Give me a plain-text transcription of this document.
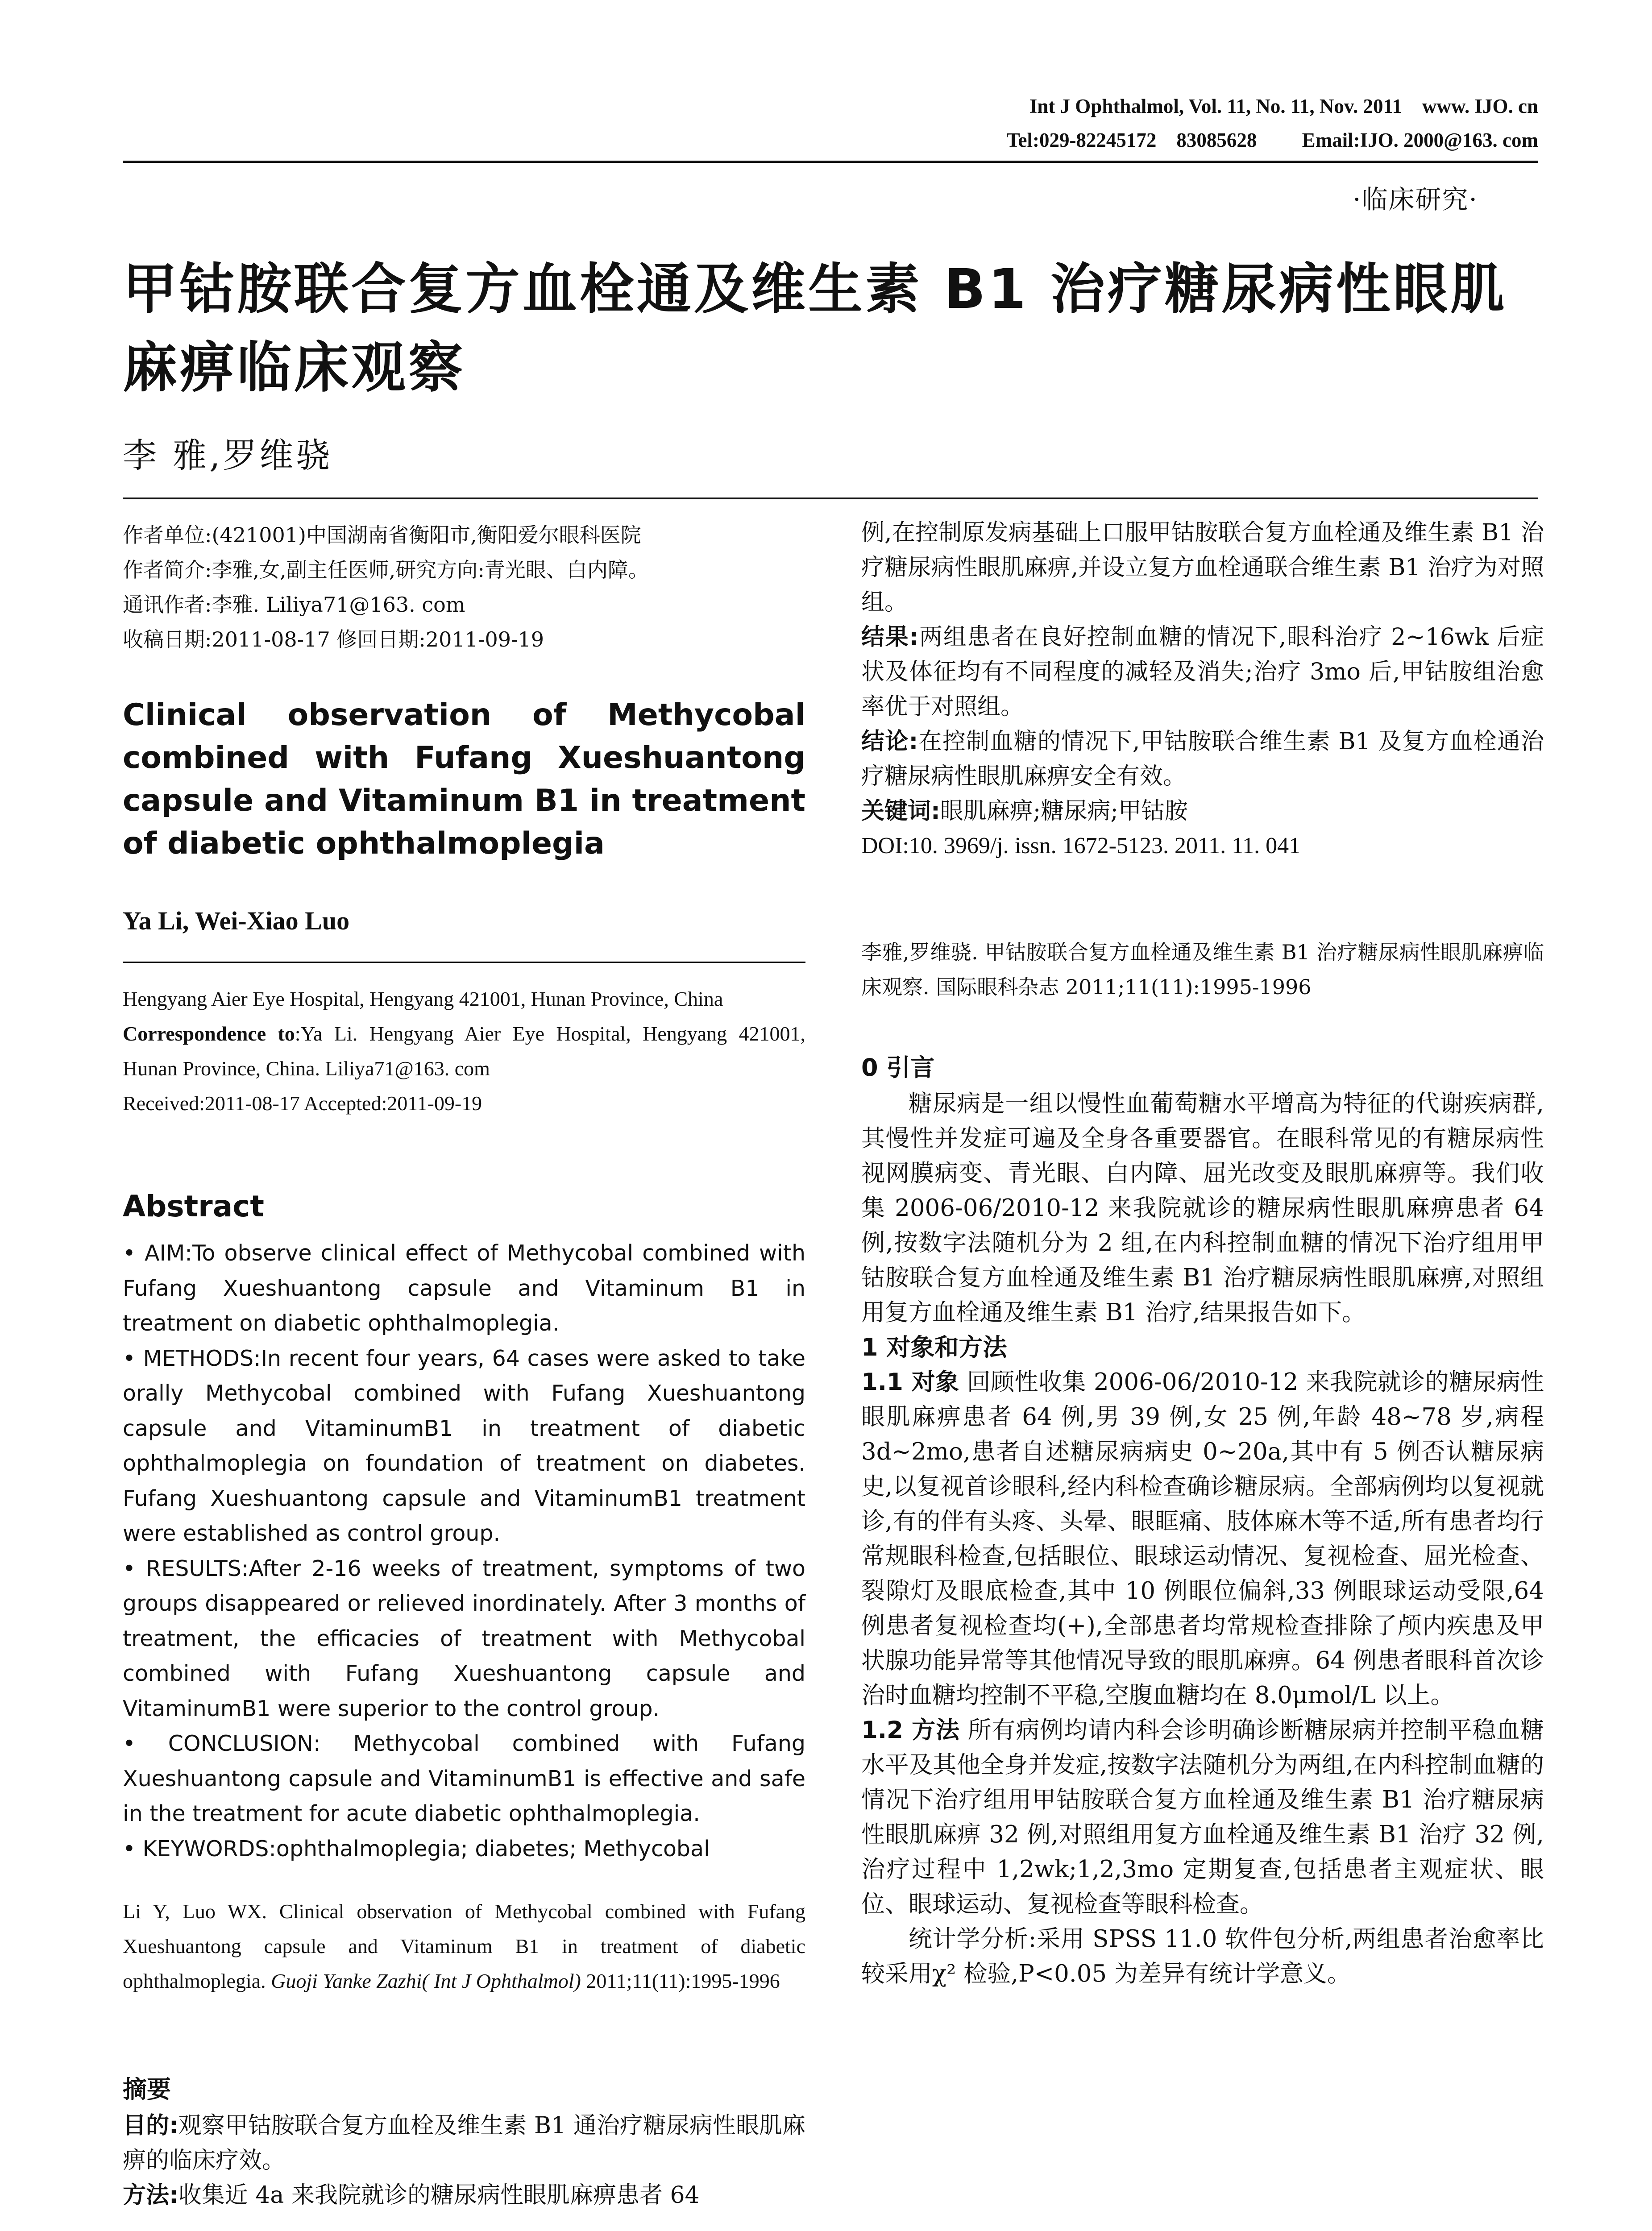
Int J Ophthalmol, Vol. 11, No. 11, Nov. 2011    www. IJO. cn
Tel:029-82245172    83085628         Email:IJO. 2000@163. com
·临床研究·
甲钴胺联合复方血栓通及维生素 B1 治疗糖尿病性眼肌麻痹临床观察
李 雅,罗维骁

作者单位:(421001)中国湖南省衡阳市,衡阳爱尔眼科医院

作者简介:李雅,女,副主任医师,研究方向:青光眼、白内障。

通讯作者:李雅. Liliya71@163. com

收稿日期:2011-08-17 修回日期:2011-09-19

Clinical observation of Methycobal combined with Fufang Xueshuantong capsule and Vitaminum B1 in treatment of diabetic ophthalmoplegia
Ya Li, Wei-Xiao Luo

Hengyang Aier Eye Hospital, Hengyang 421001, Hunan Province, China

Correspondence to:Ya Li. Hengyang Aier Eye Hospital, Hengyang 421001, Hunan Province, China. Liliya71@163. com

Received:2011-08-17 Accepted:2011-09-19

Abstract

• AIM:To observe clinical effect of Methycobal combined with Fufang Xueshuantong capsule and Vitaminum B1 in treatment on diabetic ophthalmoplegia.

• METHODS:In recent four years, 64 cases were asked to take orally Methycobal combined with Fufang Xueshuantong capsule and VitaminumB1 in treatment of diabetic ophthalmoplegia on foundation of treatment on diabetes. Fufang Xueshuantong capsule and VitaminumB1 treatment were established as control group.

• RESULTS:After 2-16 weeks of treatment, symptoms of two groups disappeared or relieved inordinately. After 3 months of treatment, the efficacies of treatment with Methycobal combined with Fufang Xueshuantong capsule and VitaminumB1 were superior to the control group.

• CONCLUSION: Methycobal combined with Fufang Xueshuantong capsule and VitaminumB1 is effective and safe in the treatment for acute diabetic ophthalmoplegia.

• KEYWORDS:ophthalmoplegia; diabetes; Methycobal

Li Y, Luo WX. Clinical observation of Methycobal combined with Fufang Xueshuantong capsule and Vitaminum B1 in treatment of diabetic ophthalmoplegia. Guoji Yanke Zazhi( Int J Ophthalmol) 2011;11(11):1995-1996

摘要

目的:观察甲钴胺联合复方血栓及维生素 B1 通治疗糖尿病性眼肌麻痹的临床疗效。

方法:收集近 4a 来我院就诊的糖尿病性眼肌麻痹患者 64

例,在控制原发病基础上口服甲钴胺联合复方血栓通及维生素 B1 治疗糖尿病性眼肌麻痹,并设立复方血栓通联合维生素 B1 治疗为对照组。

结果:两组患者在良好控制血糖的情况下,眼科治疗 2~16wk 后症状及体征均有不同程度的减轻及消失;治疗 3mo 后,甲钴胺组治愈率优于对照组。

结论:在控制血糖的情况下,甲钴胺联合维生素 B1 及复方血栓通治疗糖尿病性眼肌麻痹安全有效。

关键词:眼肌麻痹;糖尿病;甲钴胺

DOI:10. 3969/j. issn. 1672-5123. 2011. 11. 041

李雅,罗维骁. 甲钴胺联合复方血栓通及维生素 B1 治疗糖尿病性眼肌麻痹临床观察. 国际眼科杂志 2011;11(11):1995-1996

0 引言

糖尿病是一组以慢性血葡萄糖水平增高为特征的代谢疾病群,其慢性并发症可遍及全身各重要器官。在眼科常见的有糖尿病性视网膜病变、青光眼、白内障、屈光改变及眼肌麻痹等。我们收集 2006-06/2010-12 来我院就诊的糖尿病性眼肌麻痹患者 64 例,按数字法随机分为 2 组,在内科控制血糖的情况下治疗组用甲钴胺联合复方血栓通及维生素 B1 治疗糖尿病性眼肌麻痹,对照组用复方血栓通及维生素 B1 治疗,结果报告如下。

1 对象和方法

1.1 对象 回顾性收集 2006-06/2010-12 来我院就诊的糖尿病性眼肌麻痹患者 64 例,男 39 例,女 25 例,年龄 48~78 岁,病程 3d~2mo,患者自述糖尿病病史 0~20a,其中有 5 例否认糖尿病史,以复视首诊眼科,经内科检查确诊糖尿病。全部病例均以复视就诊,有的伴有头疼、头晕、眼眶痛、肢体麻木等不适,所有患者均行常规眼科检查,包括眼位、眼球运动情况、复视检查、屈光检查、裂隙灯及眼底检查,其中 10 例眼位偏斜,33 例眼球运动受限,64 例患者复视检查均(+),全部患者均常规检查排除了颅内疾患及甲状腺功能异常等其他情况导致的眼肌麻痹。64 例患者眼科首次诊治时血糖均控制不平稳,空腹血糖均在 8.0μmol/L 以上。

1.2 方法 所有病例均请内科会诊明确诊断糖尿病并控制平稳血糖水平及其他全身并发症,按数字法随机分为两组,在内科控制血糖的情况下治疗组用甲钴胺联合复方血栓通及维生素 B1 治疗糖尿病性眼肌麻痹 32 例,对照组用复方血栓通及维生素 B1 治疗 32 例,治疗过程中 1,2wk;1,2,3mo 定期复查,包括患者主观症状、眼位、眼球运动、复视检查等眼科检查。

统计学分析:采用 SPSS 11.0 软件包分析,两组患者治愈率比较采用χ² 检验,P<0.05 为差异有统计学意义。
